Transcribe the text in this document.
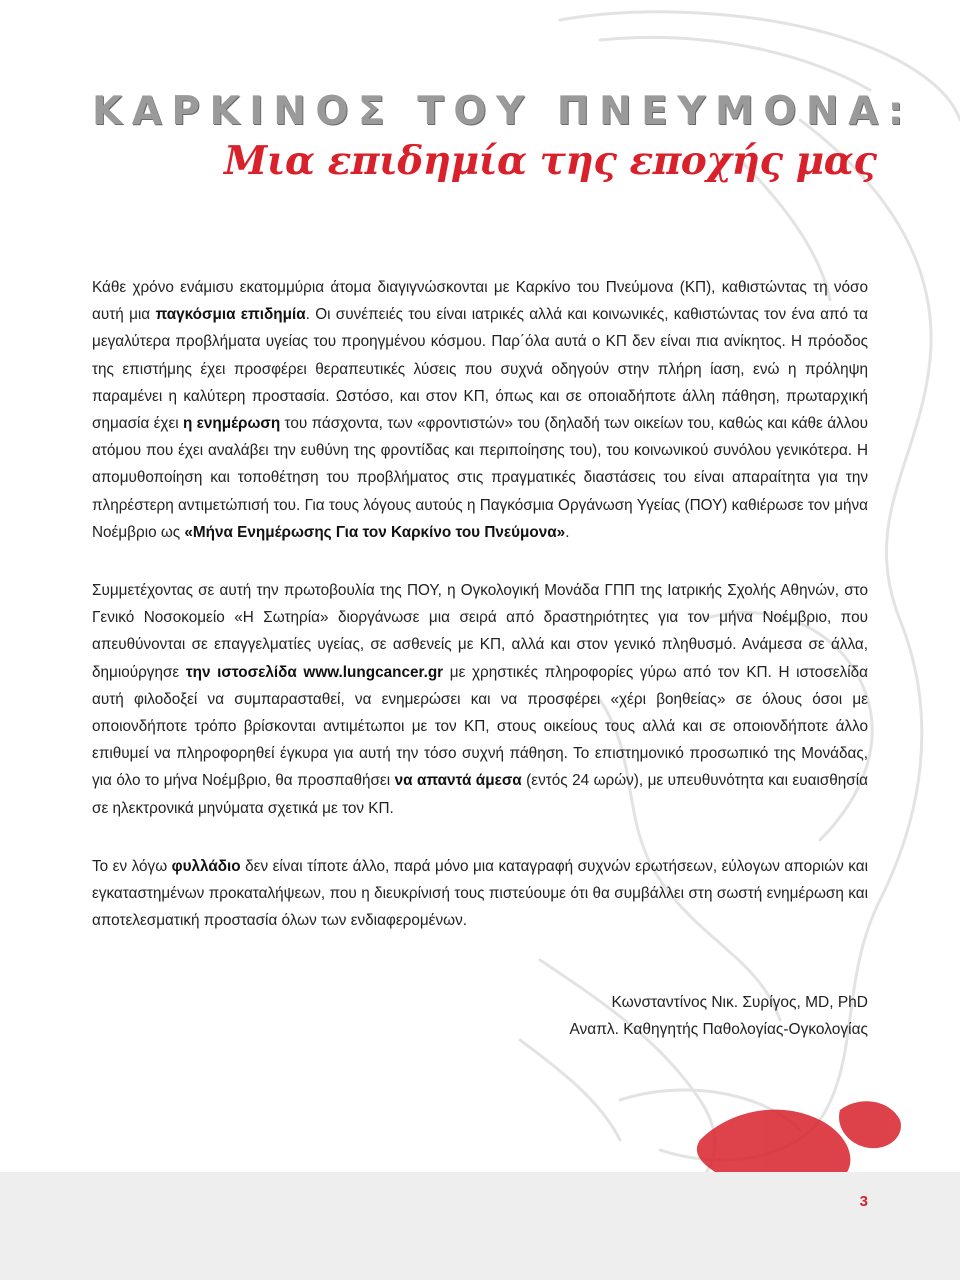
ΚΑΡΚΙΝΟΣ ΤΟΥ ΠΝΕΥΜΟΝΑ:
Μια επιδημία της εποχής μας

Κάθε χρόνο ενάμισυ εκατομμύρια άτομα διαγιγνώσκονται με Καρκίνο του Πνεύμονα (ΚΠ), καθιστώντας τη νόσο αυτή μια παγκόσμια επιδημία. Οι συνέπειές του είναι ιατρικές αλλά και κοινωνικές, καθιστώντας τον ένα από τα μεγαλύτερα προβλήματα υγείας του προηγμένου κόσμου. Παρ΄όλα αυτά ο ΚΠ δεν είναι πια ανίκητος. Η πρόοδος της επιστήμης έχει προσφέρει θεραπευτικές λύσεις που συχνά οδηγούν στην πλήρη ίαση, ενώ η πρόληψη παραμένει η καλύτερη προστασία. Ωστόσο, και στον ΚΠ, όπως και σε οποιαδήποτε άλλη πάθηση, πρωταρχική σημασία έχει η ενημέρωση του πάσχοντα, των «φροντιστών» του (δηλαδή των οικείων του, καθώς και κάθε άλλου ατόμου που έχει αναλάβει την ευθύνη της φροντίδας και περιποίησης του), του κοινωνικού συνόλου γενικότερα. Η απομυθοποίηση και τοποθέτηση του προβλήματος στις πραγματικές διαστάσεις του είναι απαραίτητα για την πληρέστερη αντιμετώπισή του. Για τους λόγους αυτούς η Παγκόσμια Οργάνωση Υγείας (ΠΟΥ) καθιέρωσε τον μήνα Νοέμβριο ως «Μήνα Ενημέρωσης Για τον Καρκίνο του Πνεύμονα».

Συμμετέχοντας σε αυτή την πρωτοβουλία της ΠΟΥ, η Ογκολογική Μονάδα ΓΠΠ της Ιατρικής Σχολής Αθηνών, στο Γενικό Νοσοκομείο «Η Σωτηρία» διοργάνωσε μια σειρά από δραστηριότητες για τον μήνα Νοέμβριο, που απευθύνονται σε επαγγελματίες υγείας, σε ασθενείς με ΚΠ, αλλά και στον γενικό πληθυσμό. Ανάμεσα σε άλλα, δημιούργησε την ιστοσελίδα www.lungcancer.gr με χρηστικές πληροφορίες γύρω από τον ΚΠ. Η ιστοσελίδα αυτή φιλοδοξεί να συμπαρασταθεί, να ενημερώσει και να προσφέρει «χέρι βοηθείας» σε όλους όσοι με οποιονδήποτε τρόπο βρίσκονται αντιμέτωποι με τον ΚΠ, στους οικείους τους αλλά και σε οποιονδήποτε άλλο επιθυμεί να πληροφορηθεί έγκυρα για αυτή την τόσο συχνή πάθηση. Το επιστημονικό προσωπικό της Μονάδας, για όλο το μήνα Νοέμβριο, θα προσπαθήσει να απαντά άμεσα (εντός 24 ωρών), με υπευθυνότητα και ευαισθησία σε ηλεκτρονικά μηνύματα σχετικά με τον ΚΠ.

Το εν λόγω φυλλάδιο δεν είναι τίποτε άλλο, παρά μόνο μια καταγραφή συχνών ερωτήσεων, εύλογων αποριών και εγκαταστημένων προκαταλήψεων, που η διευκρίνισή τους πιστεύουμε ότι θα συμβάλλει στη σωστή ενημέρωση και αποτελεσματική προστασία όλων των ενδιαφερομένων.

Κωνσταντίνος Νικ. Συρίγος, MD, PhD
Αναπλ. Καθηγητής Παθολογίας-Ογκολογίας
3
